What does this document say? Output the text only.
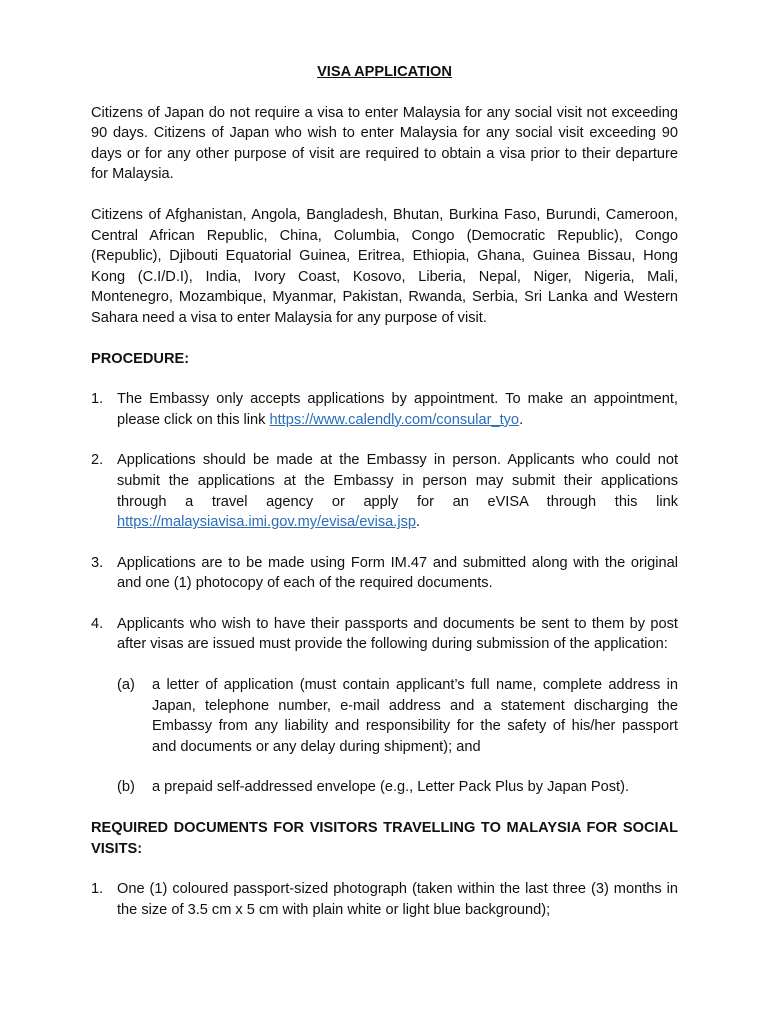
VISA APPLICATION

Citizens of Japan do not require a visa to enter Malaysia for any social visit not exceeding 90 days. Citizens of Japan who wish to enter Malaysia for any social visit exceeding 90 days or for any other purpose of visit are required to obtain a visa prior to their departure for Malaysia.

Citizens of Afghanistan, Angola, Bangladesh, Bhutan, Burkina Faso, Burundi, Cameroon, Central African Republic, China, Columbia, Congo (Democratic Republic), Congo (Republic), Djibouti Equatorial Guinea, Eritrea, Ethiopia, Ghana, Guinea Bissau, Hong Kong (C.I/D.I), India, Ivory Coast, Kosovo, Liberia, Nepal, Niger, Nigeria, Mali, Montenegro, Mozambique, Myanmar, Pakistan, Rwanda, Serbia, Sri Lanka and Western Sahara need a visa to enter Malaysia for any purpose of visit.

PROCEDURE:
1. The Embassy only accepts applications by appointment. To make an appointment, please click on this link https://www.calendly.com/consular_tyo.
2. Applications should be made at the Embassy in person. Applicants who could not submit the applications at the Embassy in person may submit their applications through a travel agency or apply for an eVISA through this link https://malaysiavisa.imi.gov.my/evisa/evisa.jsp.
3. Applications are to be made using Form IM.47 and submitted along with the original and one (1) photocopy of each of the required documents.
4. Applicants who wish to have their passports and documents be sent to them by post after visas are issued must provide the following during submission of the application:
(a)	a letter of application (must contain applicant’s full name, complete address in Japan, telephone number, e-mail address and a statement discharging the Embassy from any liability and responsibility for the safety of his/her passport and documents or any delay during shipment); and
(b)	a prepaid self-addressed envelope (e.g., Letter Pack Plus by Japan Post).
REQUIRED DOCUMENTS FOR VISITORS TRAVELLING TO MALAYSIA FOR SOCIAL VISITS:
1. One (1) coloured passport-sized photograph (taken within the last three (3) months in the size of 3.5 cm x 5 cm with plain white or light blue background);
